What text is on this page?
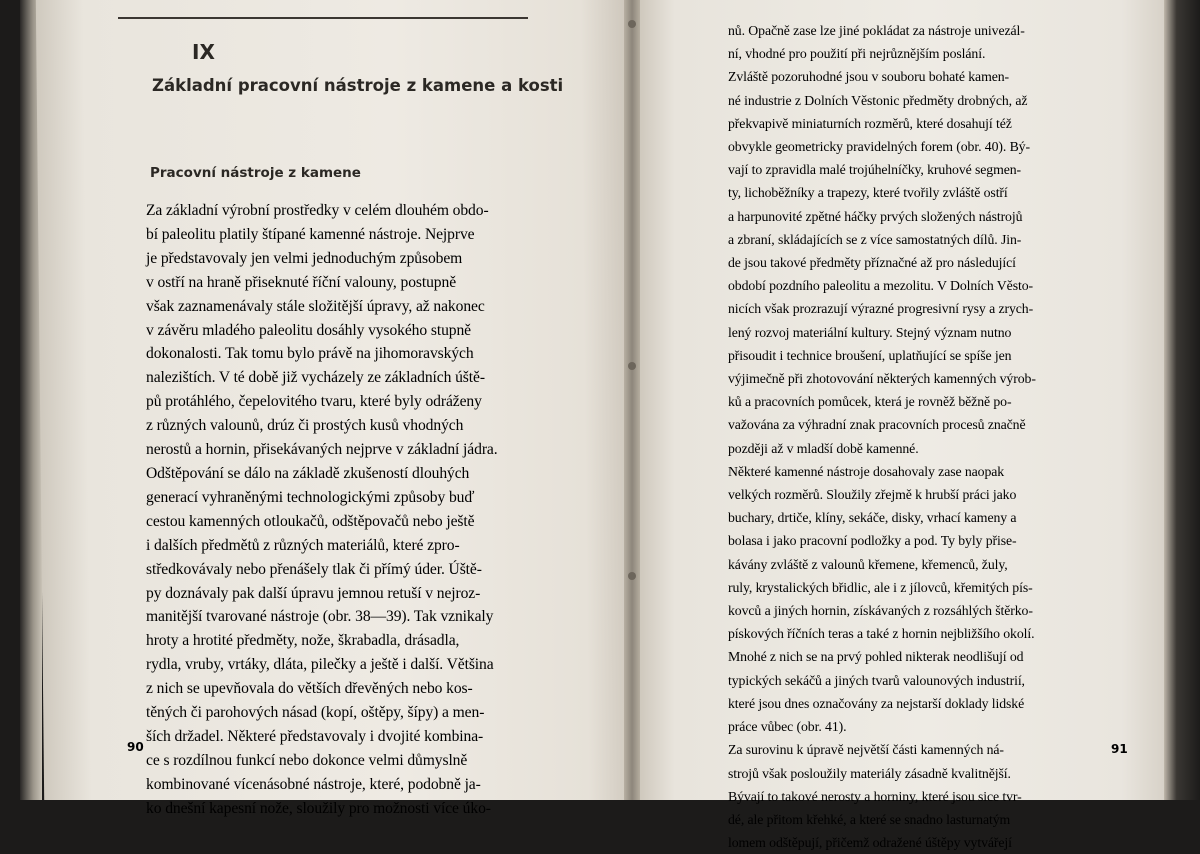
IX
Základní pracovní nástroje z kamene a kosti
Pracovní nástroje z kamene
Za základní výrobní prostředky v celém dlouhém obdo-
bí paleolitu platily štípané kamenné nástroje. Nejprve
je představovaly jen velmi jednoduchým způsobem
v ostří na hraně přiseknuté říční valouny, postupně
však zaznamenávaly stále složitější úpravy, až nakonec
v závěru mladého paleolitu dosáhly vysokého stupně
dokonalosti. Tak tomu bylo právě na jihomoravských
nalezištích. V té době již vycházely ze základních úště-
pů protáhlého, čepelovitého tvaru, které byly odráženy
z různých valounů, drúz či prostých kusů vhodných
nerostů a hornin, přisekávaných nejprve v základní jádra.
Odštěpování se dálo na základě zkušeností dlouhých
generací vyhraněnými technologickými způsoby buď
cestou kamenných otloukačů, odštěpovačů nebo ještě
i dalších předmětů z různých materiálů, které zpro-
středkovávaly nebo přenášely tlak či přímý úder. Úště-
py doznávaly pak další úpravu jemnou retuší v nejroz-
manitější tvarované nástroje (obr. 38—39). Tak vznikaly
hroty a hrotité předměty, nože, škrabadla, drásadla,
rydla, vruby, vrtáky, dláta, pilečky a ještě i další. Většina
z nich se upevňovala do větších dřevěných nebo kos-
těných či parohových násad (kopí, oštěpy, šípy) a men-
ších držadel. Některé představovaly i dvojité kombina-
ce s rozdílnou funkcí nebo dokonce velmi důmyslně
kombinované vícenásobné nástroje, které, podobně ja-
ko dnešní kapesní nože, sloužily pro možnosti více úko-
nů. Opačně zase lze jiné pokládat za nástroje univezál-
ní, vhodné pro použití při nejrůznějším poslání.
Zvláště pozoruhodné jsou v souboru bohaté kamen-
né industrie z Dolních Věstonic předměty drobných, až
překvapivě miniaturních rozměrů, které dosahují též
obvykle geometricky pravidelných forem (obr. 40). Bý-
vají to zpravidla malé trojúhelníčky, kruhové segmen-
ty, lichoběžníky a trapezy, které tvořily zvláště ostří
a harpunovité zpětné háčky prvých složených nástrojů
a zbraní, skládajících se z více samostatných dílů. Jin-
de jsou takové předměty příznačné až pro následující
období pozdního paleolitu a mezolitu. V Dolních Věsto-
nicích však prozrazují výrazné progresivní rysy a zrych-
lený rozvoj materiální kultury. Stejný význam nutno
přisoudit i technice broušení, uplatňující se spíše jen
výjimečně při zhotovování některých kamenných výrob-
ků a pracovních pomůcek, která je rovněž běžně po-
važována za výhradní znak pracovních procesů značně
později až v mladší době kamenné.
Některé kamenné nástroje dosahovaly zase naopak
velkých rozměrů. Sloužily zřejmě k hrubší práci jako
buchary, drtiče, klíny, sekáče, disky, vrhací kameny a
bolasa i jako pracovní podložky a pod. Ty byly přise-
kávány zvláště z valounů křemene, křemenců, žuly,
ruly, krystalických břidlic, ale i z jílovců, křemitých pís-
kovců a jiných hornin, získávaných z rozsáhlých štěrko-
pískových říčních teras a také z hornin nejbližšího okolí.
Mnohé z nich se na prvý pohled nikterak neodlišují od
typických sekáčů a jiných tvarů valounových industrií,
které jsou dnes označovány za nejstarší doklady lidské
práce vůbec (obr. 41).
Za surovinu k úpravě největší části kamenných ná-
strojů však posloužily materiály zásadně kvalitnější.
Bývají to takové nerosty a horniny, které jsou sice tvr-
dé, ale přitom křehké, a které se snadno lasturnatým
lomem odštěpují, přičemž odražené úštěpy vytvářejí
90	91
